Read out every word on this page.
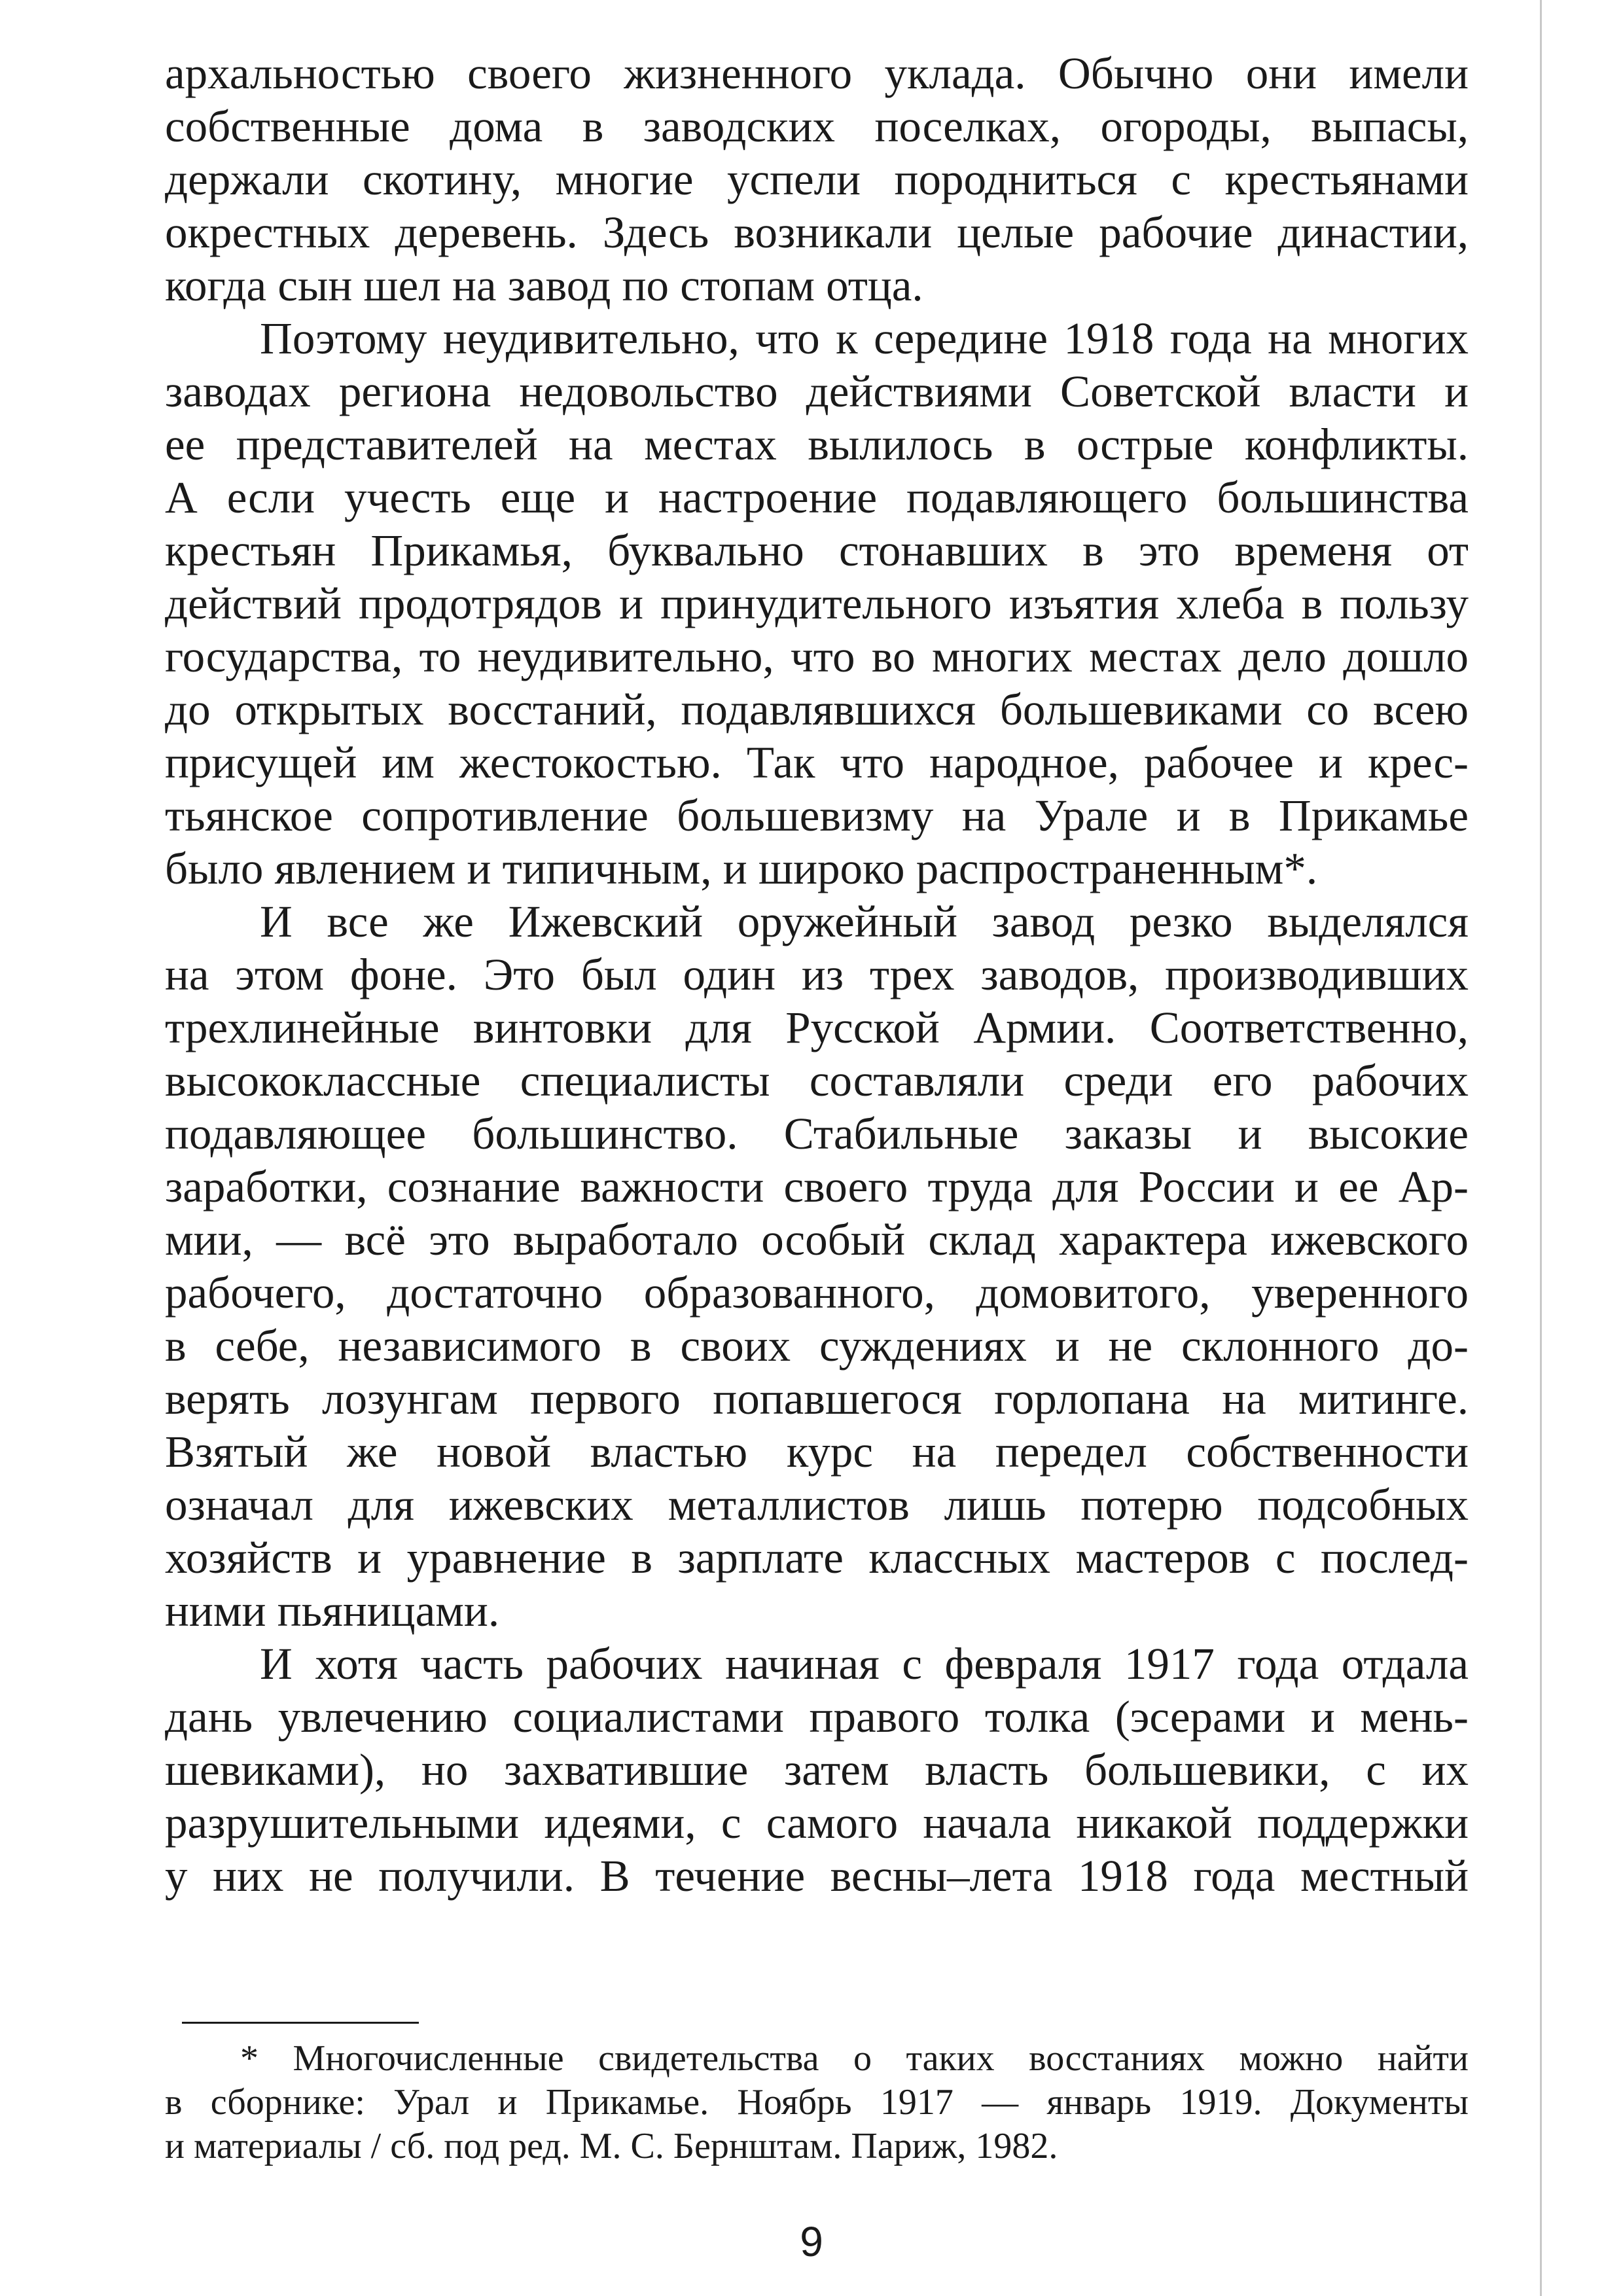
архальностью своего жизненного уклада. Обычно они имели
собственные дома в заводских поселках, огороды, выпасы,
держали скотину, многие успели породниться с крестьянами
окрестных деревень. Здесь возникали целые рабочие династии,
когда сын шел на завод по стопам отца.
Поэтому неудивительно, что к середине 1918 года на многих
заводах региона недовольство действиями Советской власти и
ее представителей на местах вылилось в острые конфликты.
А если учесть еще и настроение подавляющего большинства
крестьян Прикамья, буквально стонавших в это временя от
действий продотрядов и принудительного изъятия хлеба в пользу
государства, то неудивительно, что во многих местах дело дошло
до открытых восстаний, подавлявшихся большевиками со всею
присущей им жестокостью. Так что народное, рабочее и крес-
тьянское сопротивление большевизму на Урале и в Прикамье
было явлением и типичным, и широко распространенным*.
И все же Ижевский оружейный завод резко выделялся
на этом фоне. Это был один из трех заводов, производивших
трехлинейные винтовки для Русской Армии. Соответственно,
высококлассные специалисты составляли среди его рабочих
подавляющее большинство. Стабильные заказы и высокие
заработки, сознание важности своего труда для России и ее Ар-
мии, — всё это выработало особый склад характера ижевского
рабочего, достаточно образованного, домовитого, уверенного
в себе, независимого в своих суждениях и не склонного до-
верять лозунгам первого попавшегося горлопана на митинге.
Взятый же новой властью курс на передел собственности
означал для ижевских металлистов лишь потерю подсобных
хозяйств и уравнение в зарплате классных мастеров с послед-
ними пьяницами.
И хотя часть рабочих начиная с февраля 1917 года отдала
дань увлечению социалистами правого толка (эсерами и мень-
шевиками), но захватившие затем власть большевики, с их
разрушительными идеями, с самого начала никакой поддержки
у них не получили. В течение весны–лета 1918 года местный
* Многочисленные свидетельства о таких восстаниях можно найти
в сборнике: Урал и Прикамье. Ноябрь 1917 — январь 1919. Документы
и материалы / сб. под ред. М. С. Бернштам. Париж, 1982.
9
